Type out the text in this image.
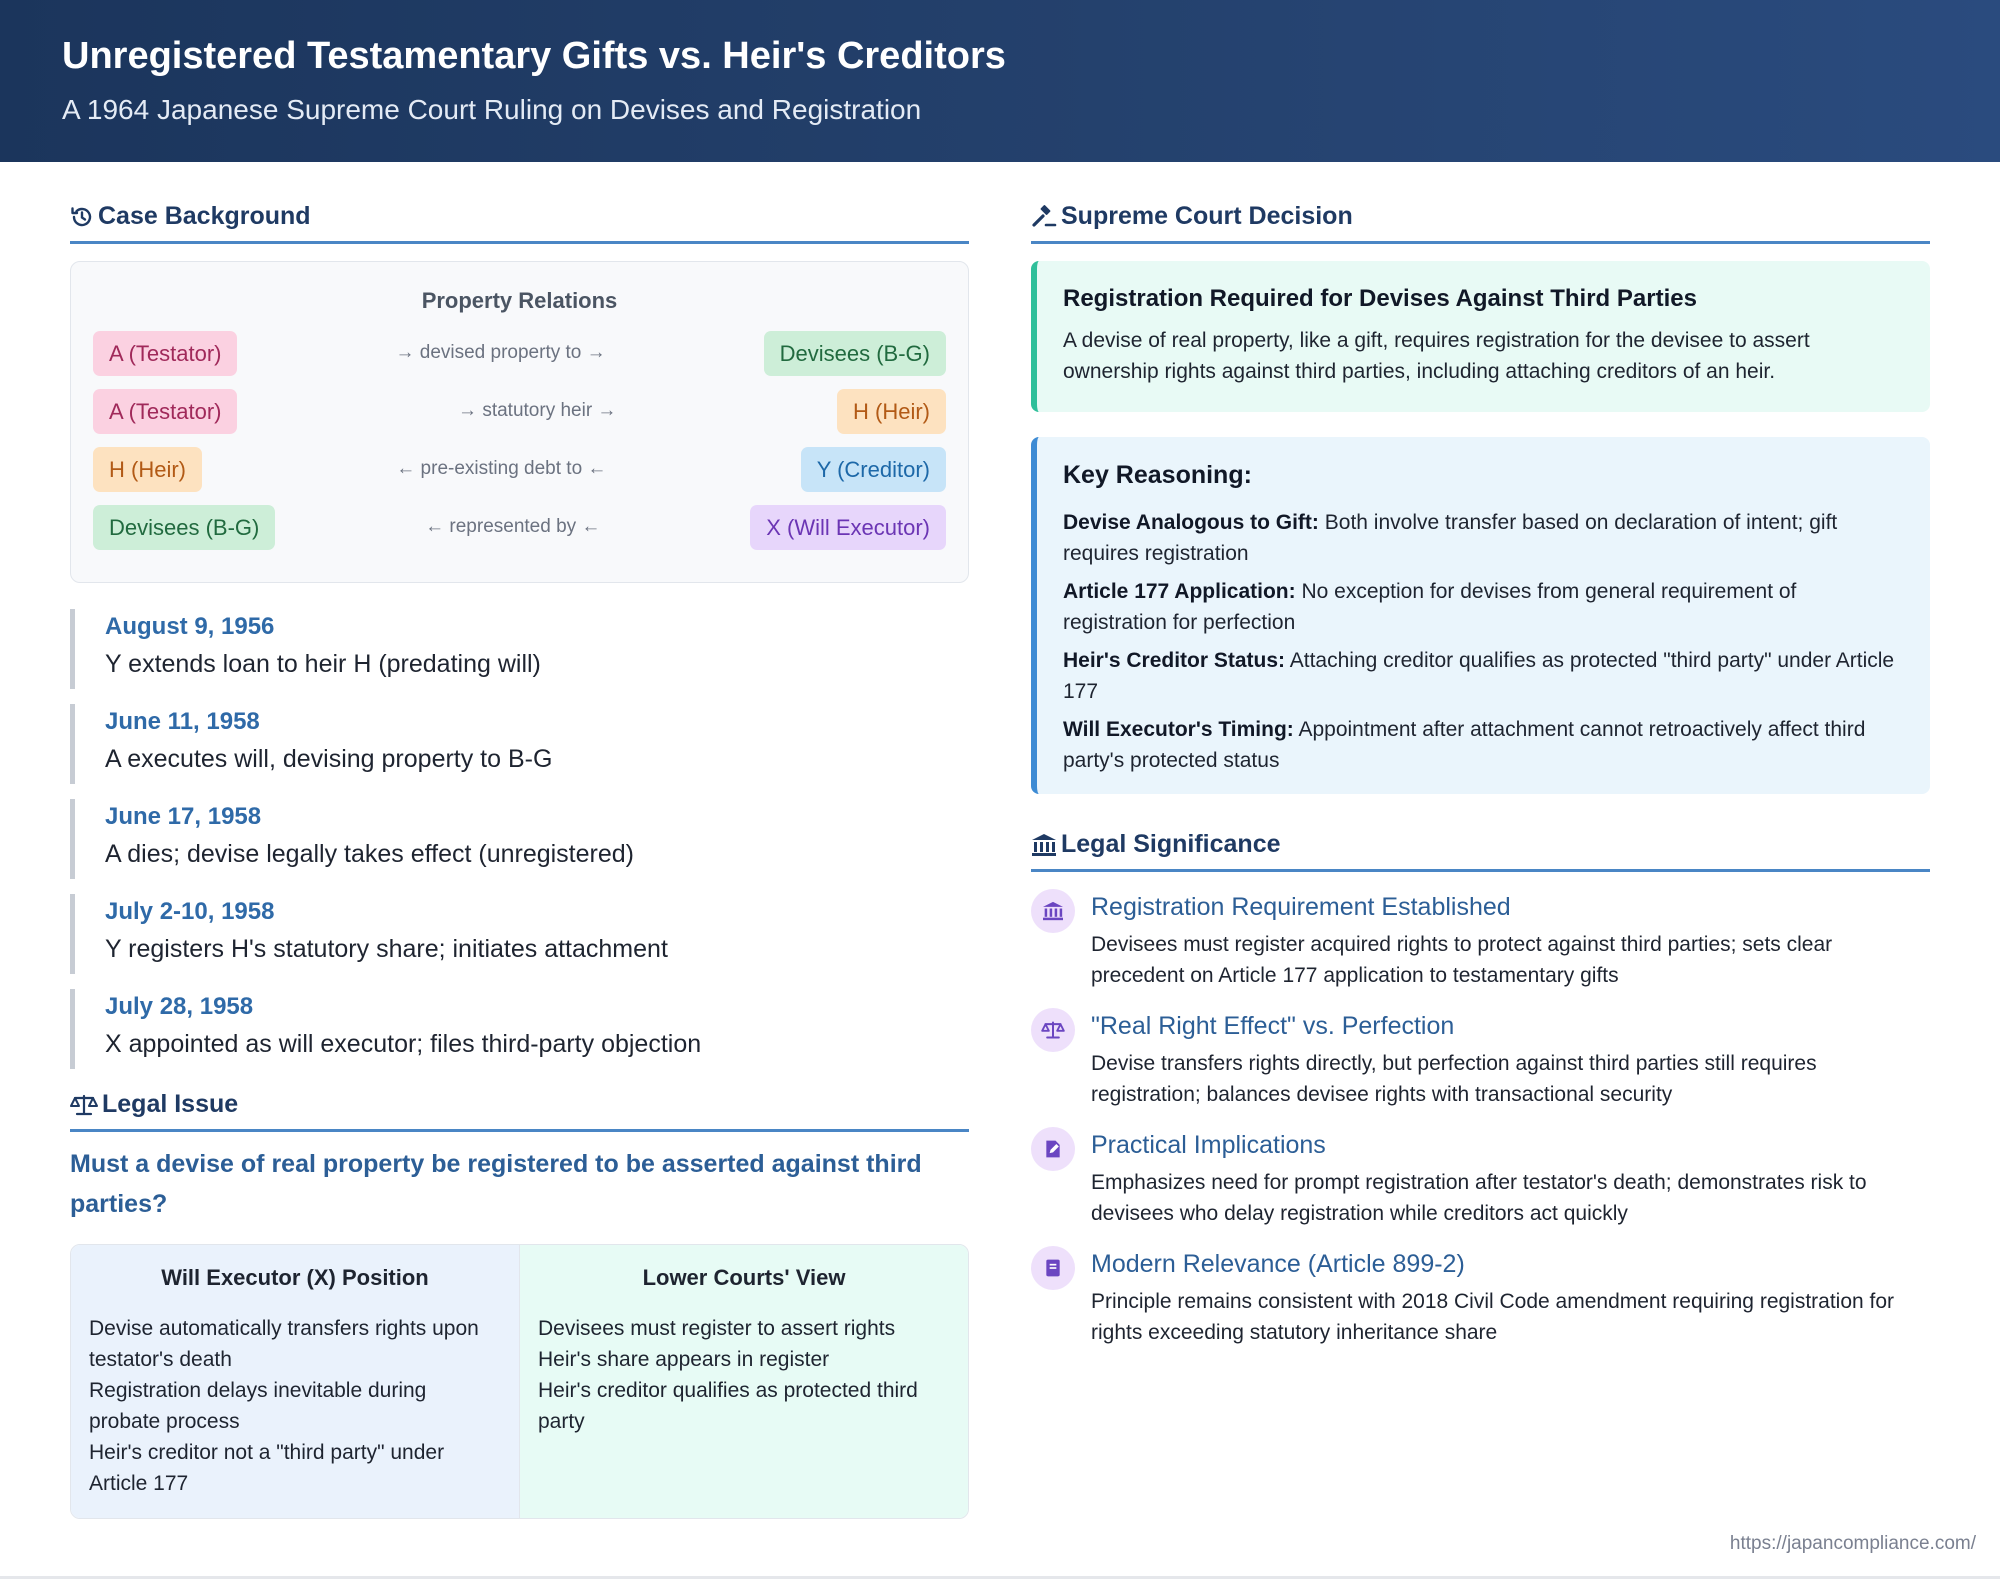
Unregistered Testamentary Gifts vs. Heir's Creditors
A 1964 Japanese Supreme Court Ruling on Devises and Registration
Case Background
Property Relations
A (Testator)	→ devised property to →	Devisees (B-G)
A (Testator)	→ statutory heir →	H (Heir)
H (Heir)	← pre-existing debt to ←	Y (Creditor)
Devisees (B-G)	← represented by ←	X (Will Executor)
August 9, 1956
Y extends loan to heir H (predating will)
June 11, 1958
A executes will, devising property to B-G
June 17, 1958
A dies; devise legally takes effect (unregistered)
July 2-10, 1958
Y registers H's statutory share; initiates attachment
July 28, 1958
X appointed as will executor; files third-party objection
Legal Issue
Must a devise of real property be registered to be asserted against third parties?
Will Executor (X) Position
Devise automatically transfers rights upon testator's death
Registration delays inevitable during probate process
Heir's creditor not a "third party" under Article 177
Lower Courts' View
Devisees must register to assert rights
Heir's share appears in register
Heir's creditor qualifies as protected third party
Supreme Court Decision
Registration Required for Devises Against Third Parties
A devise of real property, like a gift, requires registration for the devisee to assert ownership rights against third parties, including attaching creditors of an heir.
Key Reasoning:
Devise Analogous to Gift: Both involve transfer based on declaration of intent; gift requires registration
Article 177 Application: No exception for devises from general requirement of registration for perfection
Heir's Creditor Status: Attaching creditor qualifies as protected "third party" under Article 177
Will Executor's Timing: Appointment after attachment cannot retroactively affect third party's protected status
Legal Significance
Registration Requirement Established
Devisees must register acquired rights to protect against third parties; sets clear precedent on Article 177 application to testamentary gifts
"Real Right Effect" vs. Perfection
Devise transfers rights directly, but perfection against third parties still requires registration; balances devisee rights with transactional security
Practical Implications
Emphasizes need for prompt registration after testator's death; demonstrates risk to devisees who delay registration while creditors act quickly
Modern Relevance (Article 899-2)
Principle remains consistent with 2018 Civil Code amendment requiring registration for rights exceeding statutory inheritance share
https://japancompliance.com/
